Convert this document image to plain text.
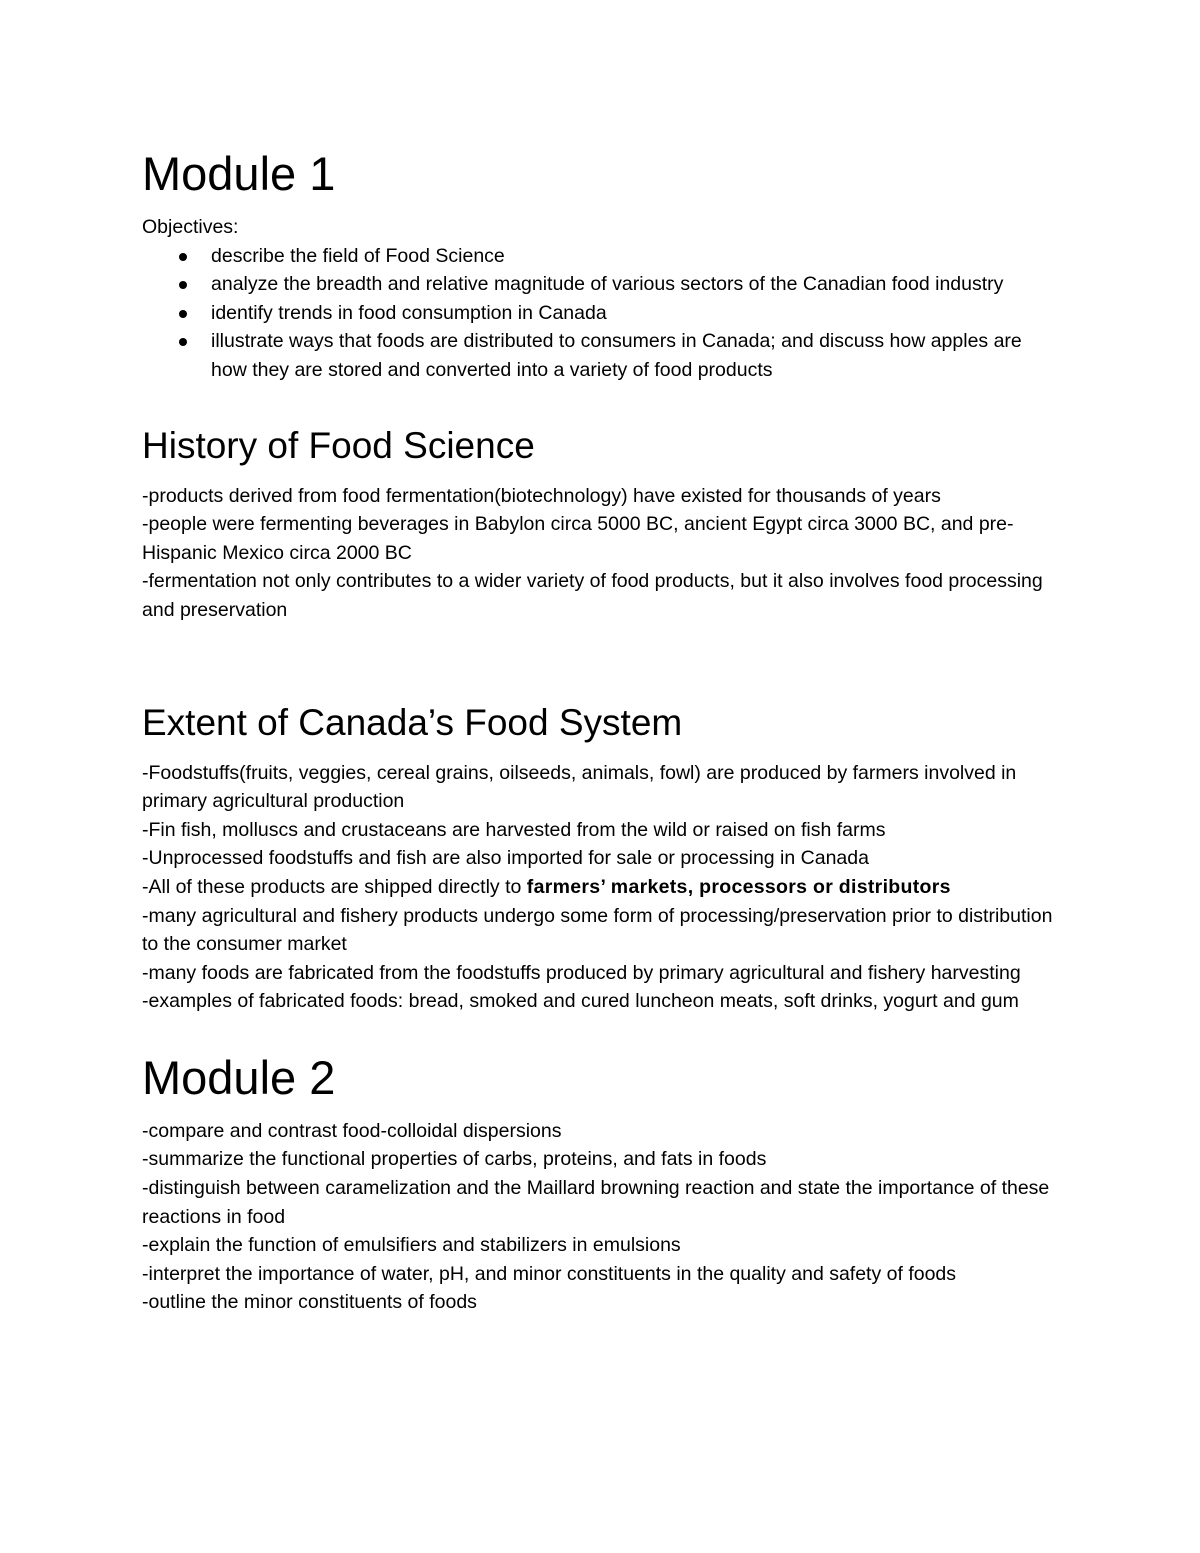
Module 1

Objectives:

describe the field of Food Science
analyze the breadth and relative magnitude of various sectors of the Canadian food industry
identify trends in food consumption in Canada
illustrate ways that foods are distributed to consumers in Canada; and discuss how apples are how they are stored and converted into a variety of food products
History of Food Science

-products derived from food fermentation(biotechnology) have existed for thousands of years

-people were fermenting beverages in Babylon circa 5000 BC, ancient Egypt circa 3000 BC, and pre-Hispanic Mexico circa 2000 BC

-fermentation not only contributes to a wider variety of food products, but it also involves food processing and preservation

Extent of Canada’s Food System

-Foodstuffs(fruits, veggies, cereal grains, oilseeds, animals, fowl) are produced by farmers involved in primary agricultural production

-Fin fish, molluscs and crustaceans are harvested from the wild or raised on fish farms

-Unprocessed foodstuffs and fish are also imported for sale or processing in Canada

-All of these products are shipped directly to farmers’ markets, processors or distributors

-many agricultural and fishery products undergo some form of processing/preservation prior to distribution to the consumer market

-many foods are fabricated from the foodstuffs produced by primary agricultural and fishery harvesting

-examples of fabricated foods: bread, smoked and cured luncheon meats, soft drinks, yogurt and gum

Module 2

-compare and contrast food-colloidal dispersions

-summarize the functional properties of carbs, proteins, and fats in foods

-distinguish between caramelization and the Maillard browning reaction and state the importance of these reactions in food

-explain the function of emulsifiers and stabilizers in emulsions

-interpret the importance of water, pH, and minor constituents in the quality and safety of foods

-outline the minor constituents of foods
